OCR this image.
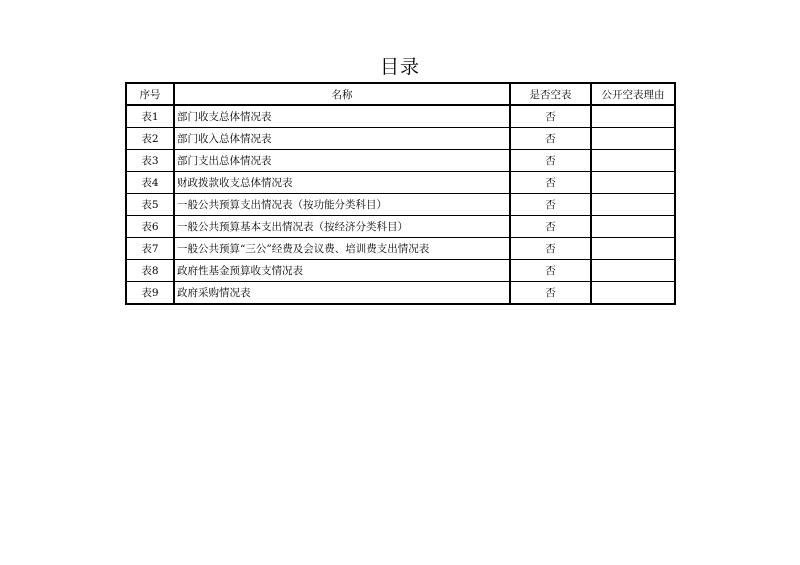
目录
序号	名称	是否空表	公开空表理由
表1	部门收支总体情况表	否	
表2	部门收入总体情况表	否	
表3	部门支出总体情况表	否	
表4	财政拨款收支总体情况表	否	
表5	一般公共预算支出情况表（按功能分类科目）	否	
表6	一般公共预算基本支出情况表（按经济分类科目）	否	
表7	一般公共预算“三公”经费及会议费、培训费支出情况表	否	
表8	政府性基金预算收支情况表	否	
表9	政府采购情况表	否	
